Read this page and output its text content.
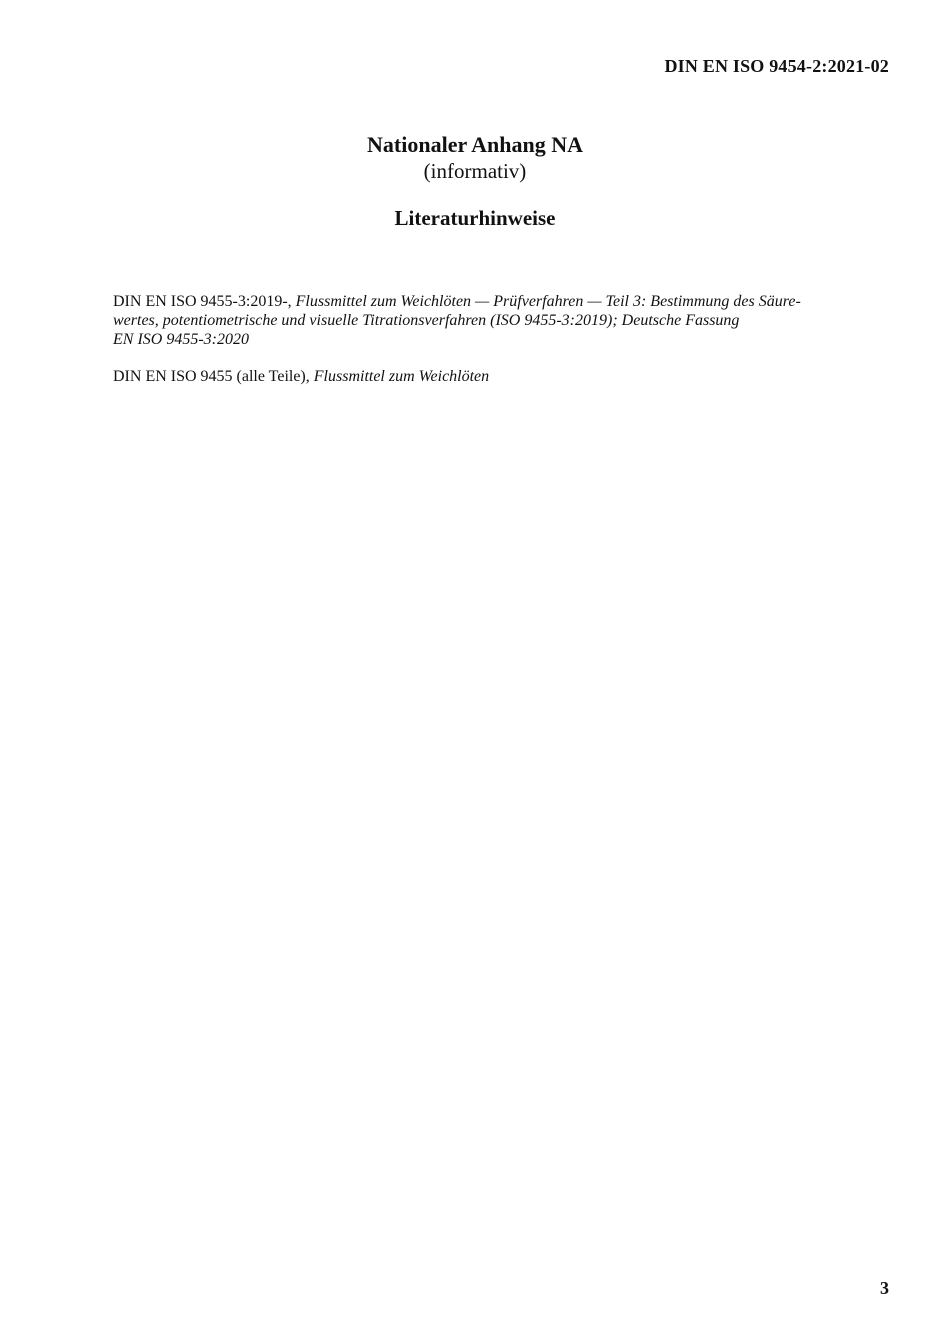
DIN EN ISO 9454-2:2021-02

Nationaler Anhang NA

(informativ)

Literaturhinweise

DIN EN ISO 9455-3:2019-, Flussmittel zum Weichlöten — Prüfverfahren — Teil 3: Bestimmung des Säure-
wertes, potentiometrische und visuelle Titrationsverfahren (ISO 9455-3:2019); Deutsche Fassung
EN ISO 9455-3:2020

DIN EN ISO 9455 (alle Teile), Flussmittel zum Weichlöten

3
